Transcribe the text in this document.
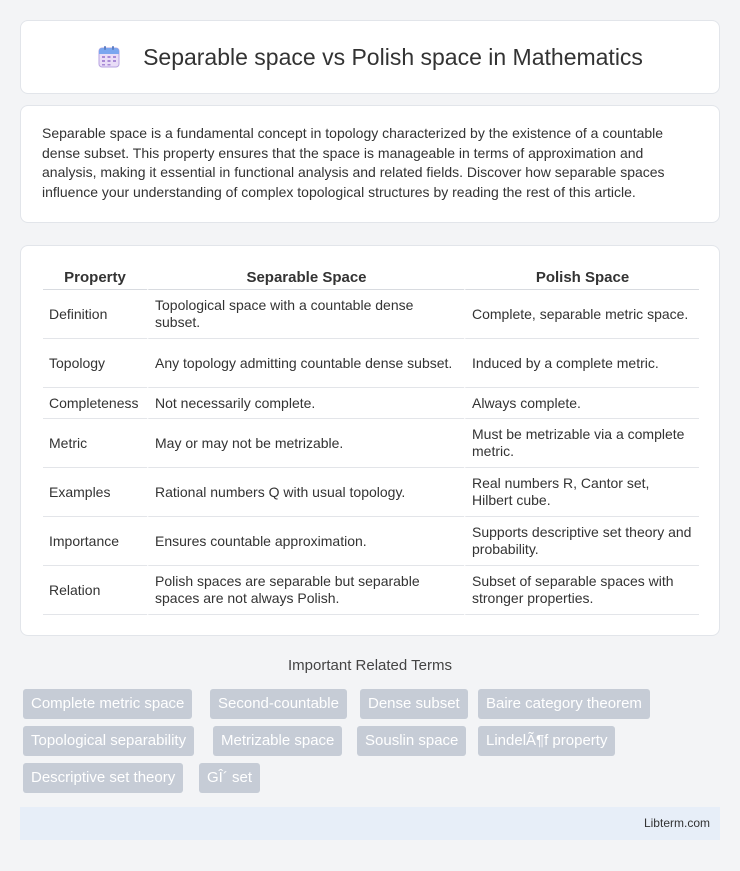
Separable space vs Polish space in Mathematics

Separable space is a fundamental concept in topology characterized by the existence of a countable dense subset. This property ensures that the space is manageable in terms of approximation and analysis, making it essential in functional analysis and related fields. Discover how separable spaces influence your understanding of complex topological structures by reading the rest of this article.

Property	Separable Space	Polish Space
Definition	Topological space with a countable dense subset.	Complete, separable metric space.
Topology	Any topology admitting countable dense subset.	Induced by a complete metric.
Completeness	Not necessarily complete.	Always complete.
Metric	May or may not be metrizable.	Must be metrizable via a complete metric.
Examples	Rational numbers Q with usual topology.	Real numbers R, Cantor set, Hilbert cube.
Importance	Ensures countable approximation.	Supports descriptive set theory and probability.
Relation	Polish spaces are separable but separable spaces are not always Polish.	Subset of separable spaces with stronger properties.
Important Related Terms
Complete metric space	Second-countable	Dense subset	Baire category theorem
Topological separability	Metrizable space	Souslin space	LindelÃ¶f property
Descriptive set theory	GÎ´ set
Libterm.com
